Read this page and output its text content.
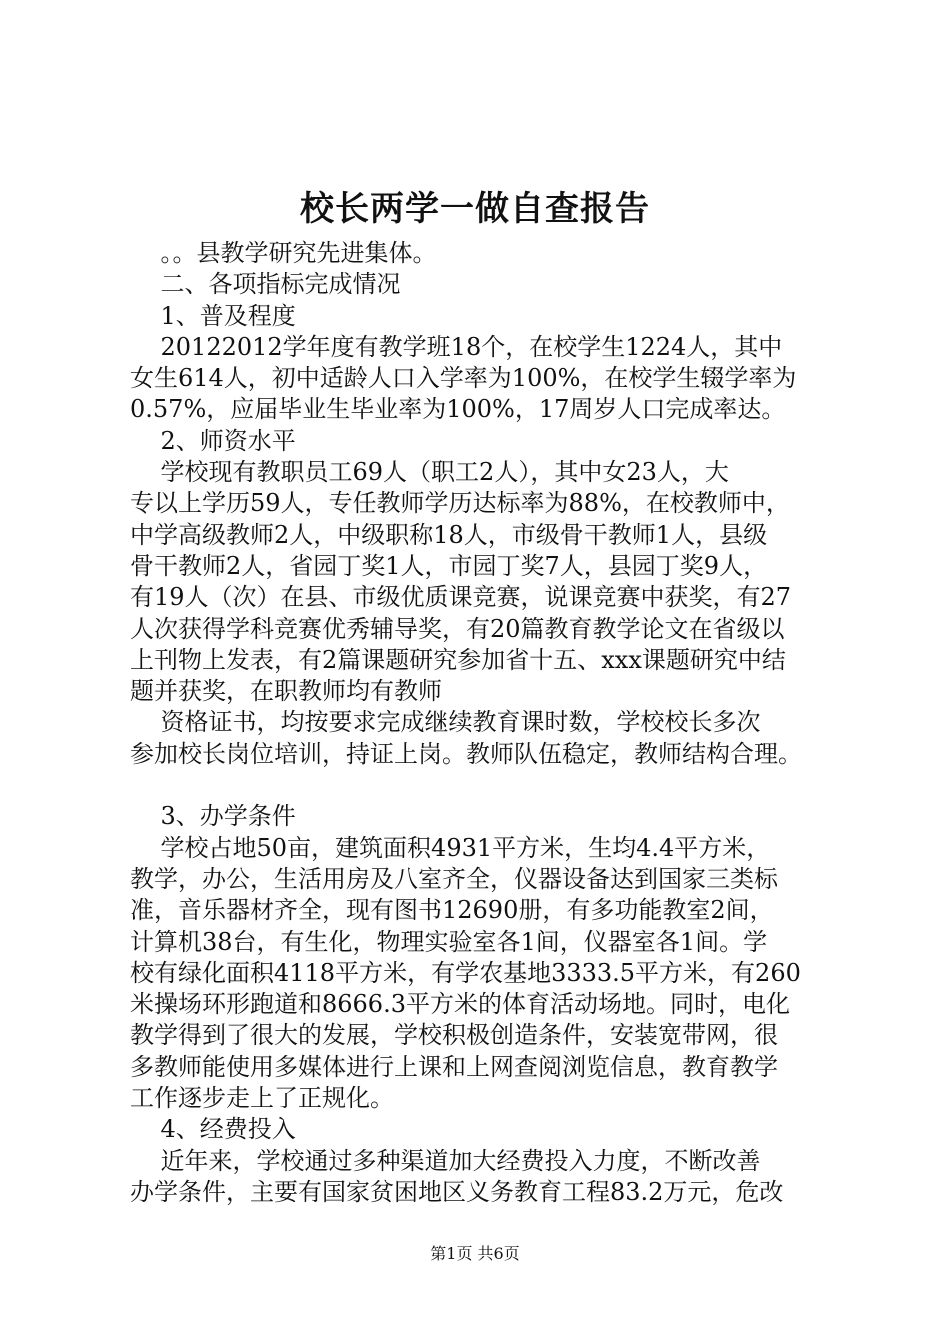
校长两学一做自查报告

。。县教学研究先进集体。

二、各项指标完成情况

1、普及程度

20122012学年度有教学班18个，在校学生1224人，其中

女生614人，初中适龄人口入学率为100%，在校学生辍学率为

0.57%，应届毕业生毕业率为100%，17周岁人口完成率达。

2、师资水平

学校现有教职员工69人（职工2人），其中女23人，大

专以上学历59人，专任教师学历达标率为88%，在校教师中，

中学高级教师2人，中级职称18人，市级骨干教师1人，县级

骨干教师2人，省园丁奖1人，市园丁奖7人，县园丁奖9人，

有19人（次）在县、市级优质课竞赛，说课竞赛中获奖，有27

人次获得学科竞赛优秀辅导奖，有20篇教育教学论文在省级以

上刊物上发表，有2篇课题研究参加省十五、xxx课题研究中结

题并获奖，在职教师均有教师

资格证书，均按要求完成继续教育课时数，学校校长多次

参加校长岗位培训，持证上岗。教师队伍稳定，教师结构合理。

3、办学条件

学校占地50亩，建筑面积4931平方米，生均4.4平方米，

教学，办公，生活用房及八室齐全，仪器设备达到国家三类标

准，音乐器材齐全，现有图书12690册，有多功能教室2间，

计算机38台，有生化，物理实验室各1间，仪器室各1间。学

校有绿化面积4118平方米，有学农基地3333.5平方米，有260

米操场环形跑道和8666.3平方米的体育活动场地。同时，电化

教学得到了很大的发展，学校积极创造条件，安装宽带网，很

多教师能使用多媒体进行上课和上网查阅浏览信息，教育教学

工作逐步走上了正规化。

4、经费投入

近年来，学校通过多种渠道加大经费投入力度，不断改善

办学条件，主要有国家贫困地区义务教育工程83.2万元，危改

第1页 共6页
